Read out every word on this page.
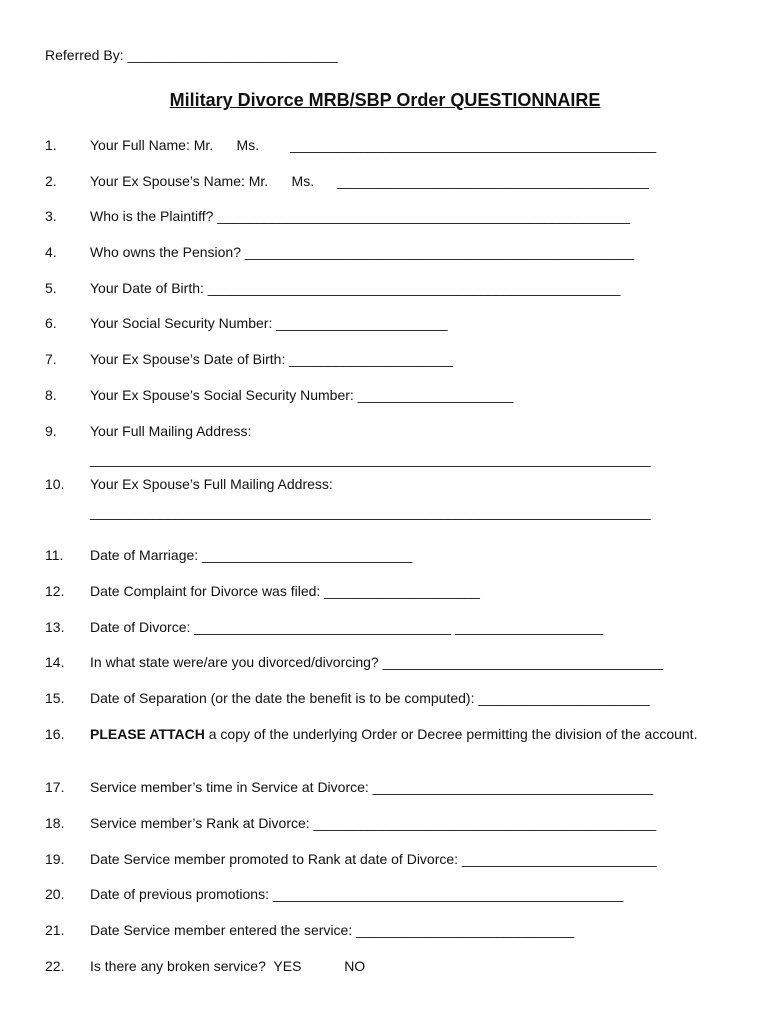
Referred By: ___________________________
Military Divorce MRB/SBP Order QUESTIONNAIRE
1. Your Full Name: Mr.      Ms.        _______________________________________________
2. Your Ex Spouse’s Name: Mr.      Ms.      ________________________________________
3. Who is the Plaintiff? _____________________________________________________
4. Who owns the Pension? __________________________________________________
5. Your Date of Birth: _____________________________________________________
6. Your Social Security Number: ______________________
7. Your Ex Spouse’s Date of Birth: _____________________
8. Your Ex Spouse’s Social Security Number: ____________________
9. Your Full Mailing Address:
________________________________________________________________________
10. Your Ex Spouse’s Full Mailing Address:
________________________________________________________________________
11. Date of Marriage: ___________________________
12. Date Complaint for Divorce was filed: ____________________
13. Date of Divorce: _________________________________ ___________________
14. In what state were/are you divorced/divorcing? ____________________________________
15. Date of Separation (or the date the benefit is to be computed): ______________________
16. PLEASE ATTACH a copy of the underlying Order or Decree permitting the division of the account.
17. Service member’s time in Service at Divorce: ____________________________________
18. Service member’s Rank at Divorce: ____________________________________________
19. Date Service member promoted to Rank at date of Divorce: _________________________
20. Date of previous promotions: _____________________________________________
21. Date Service member entered the service: ____________________________
22. Is there any broken service?  YES           NO
